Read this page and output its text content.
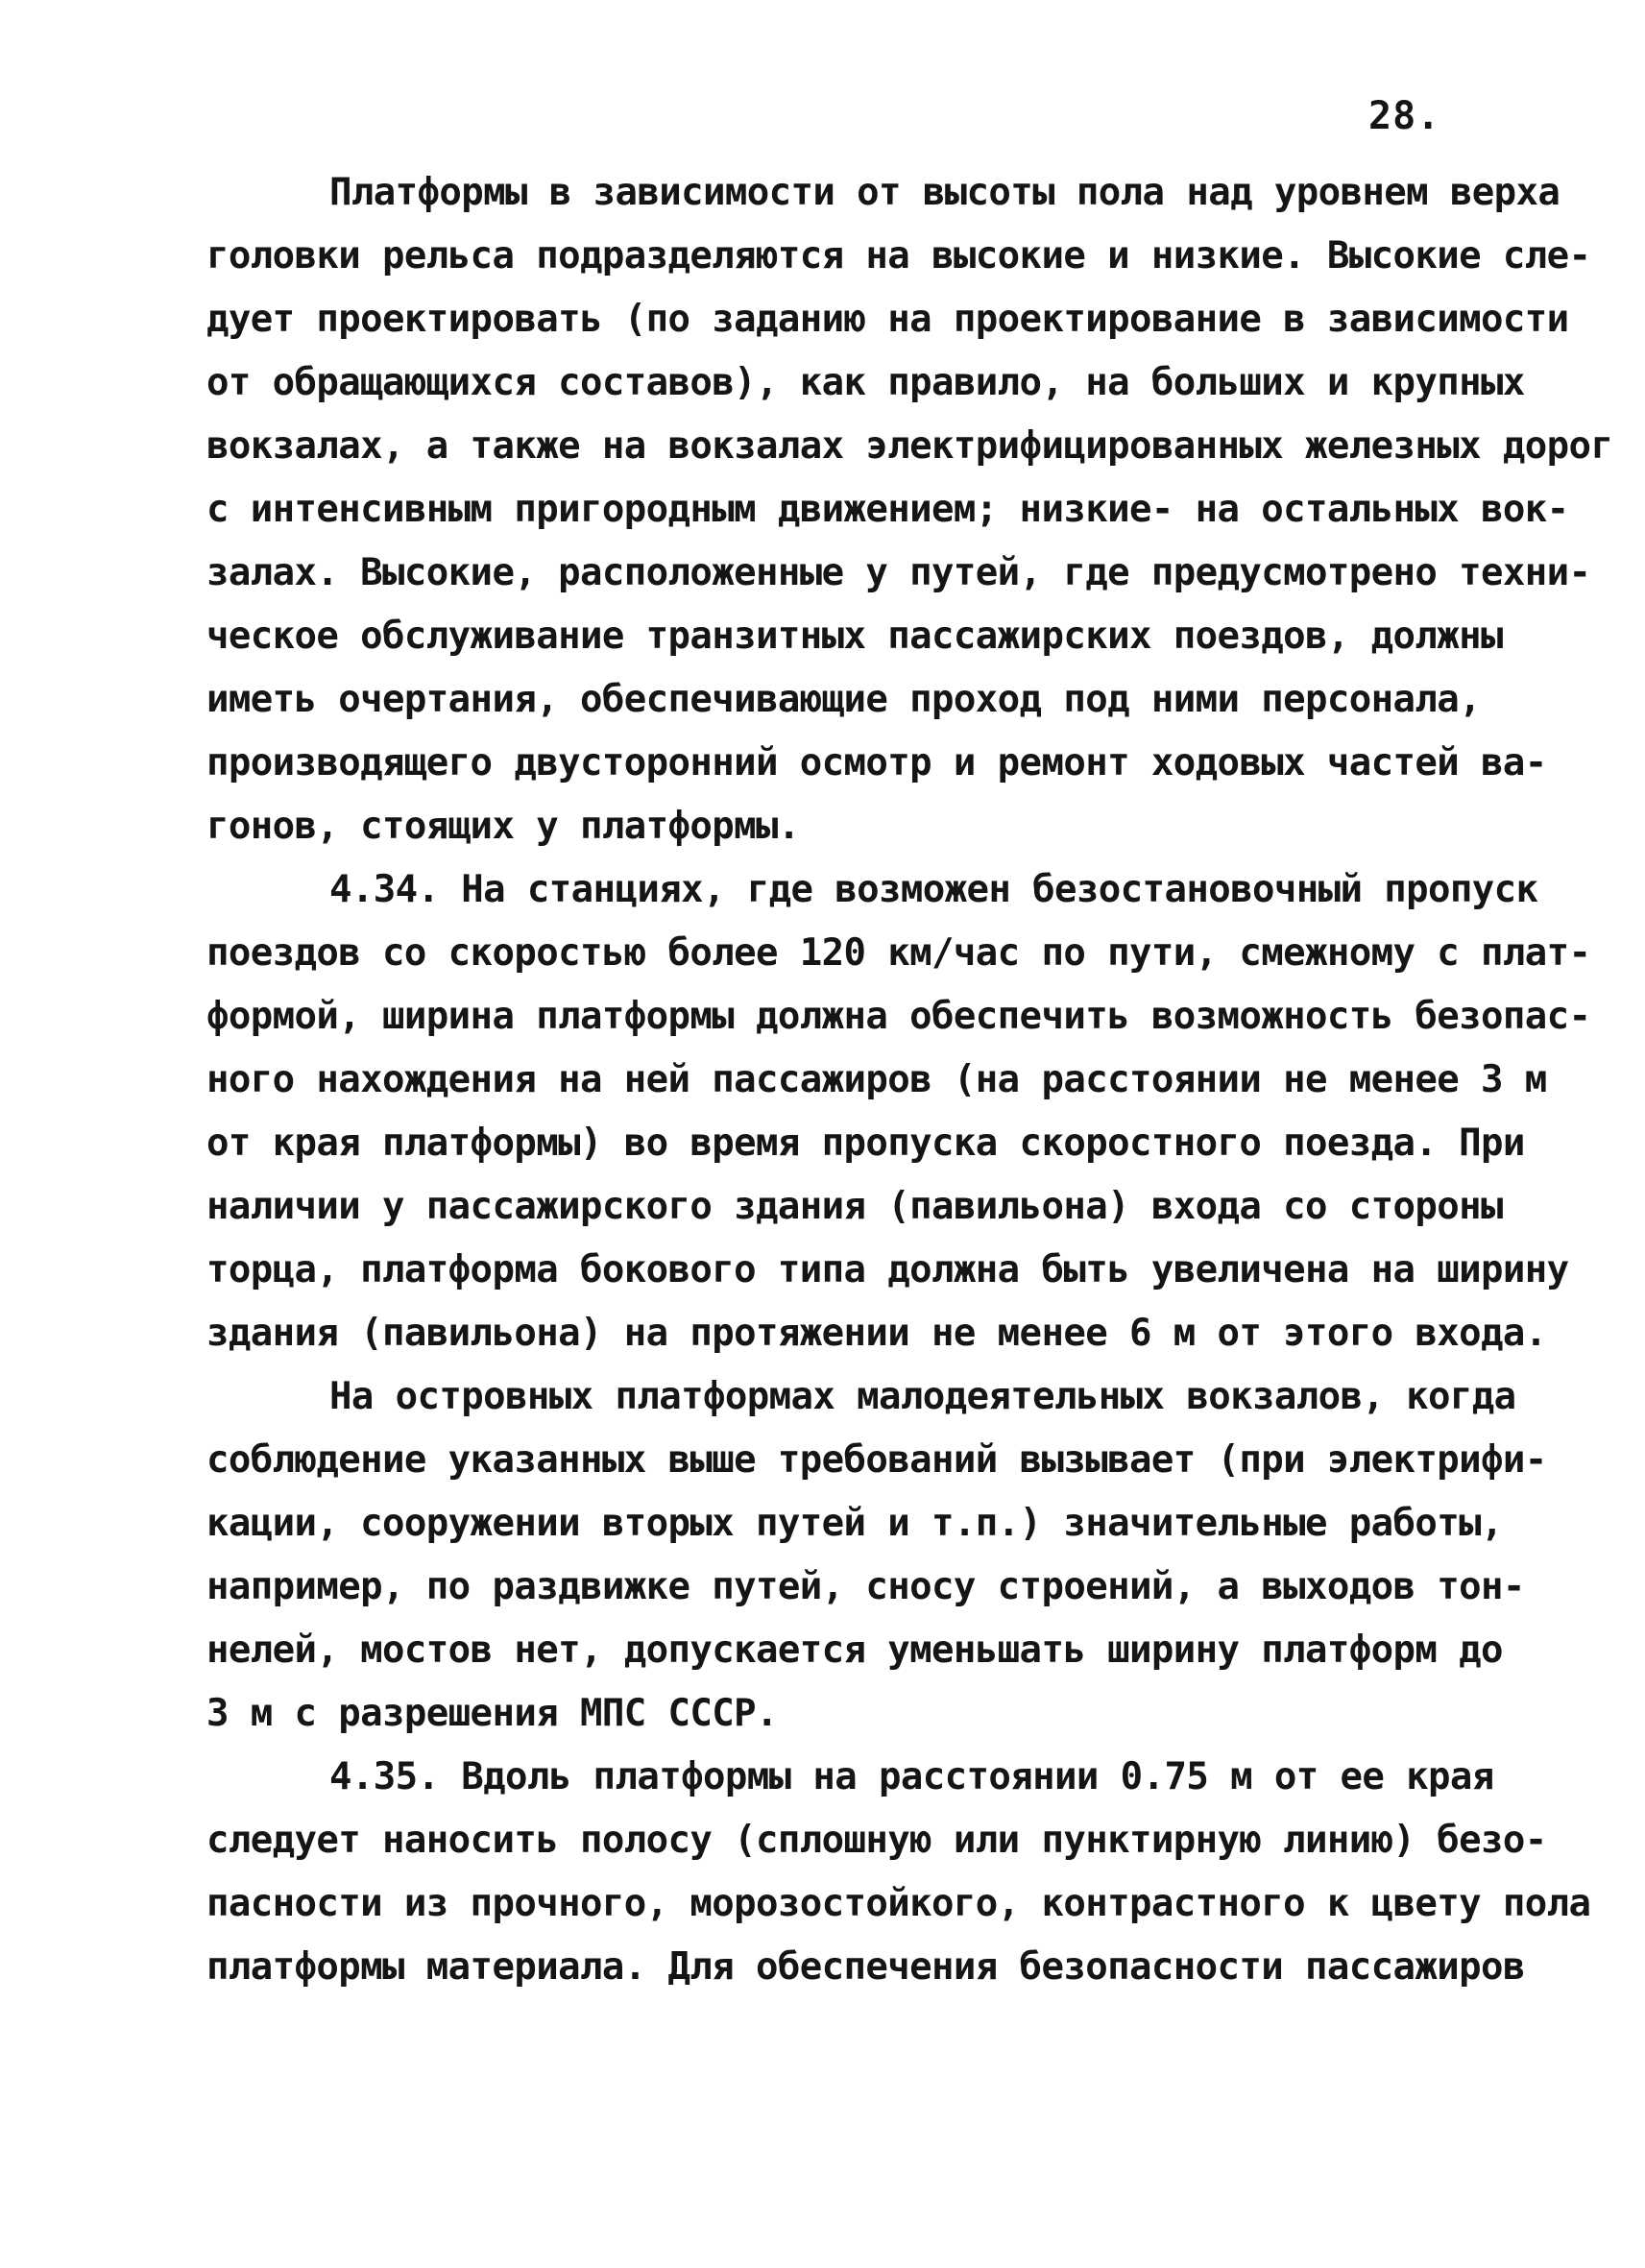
28.
Платформы в зависимости от высоты пола над уровнем верха
головки рельса подразделяются на высокие и низкие. Высокие сле-
дует проектировать (по заданию на проектирование в зависимости
от обращающихся составов), как правило, на больших и крупных
вокзалах, а также на вокзалах электрифицированных железных дорог
с интенсивным пригородным движением; низкие- на остальных вок-
залах. Высокие, расположенные у путей, где предусмотрено техни-
ческое обслуживание транзитных пассажирских поездов, должны
иметь очертания, обеспечивающие проход под ними персонала,
производящего двусторонний осмотр и ремонт ходовых частей ва-
гонов, стоящих у платформы.
4.34. На станциях, где возможен безостановочный пропуск
поездов со скоростью более 120 км/час по пути, смежному с плат-
формой, ширина платформы должна обеспечить возможность безопас-
ного нахождения на ней пассажиров (на расстоянии не менее 3 м
от края платформы) во время пропуска скоростного поезда. При
наличии у пассажирского здания (павильона) входа со стороны
торца, платформа бокового типа должна быть увеличена на ширину
здания (павильона) на протяжении не менее 6 м от этого входа.
На островных платформах малодеятельных вокзалов, когда
соблюдение указанных выше требований вызывает (при электрифи-
кации, сооружении вторых путей и т.п.) значительные работы,
например, по раздвижке путей, сносу строений, а выходов тон-
нелей, мостов нет, допускается уменьшать ширину платформ до
3 м с разрешения МПС СССР.
4.35. Вдоль платформы на расстоянии 0.75 м от ее края
следует наносить полосу (сплошную или пунктирную линию) безо-
пасности из прочного, морозостойкого, контрастного к цвету пола
платформы материала. Для обеспечения безопасности пассажиров
